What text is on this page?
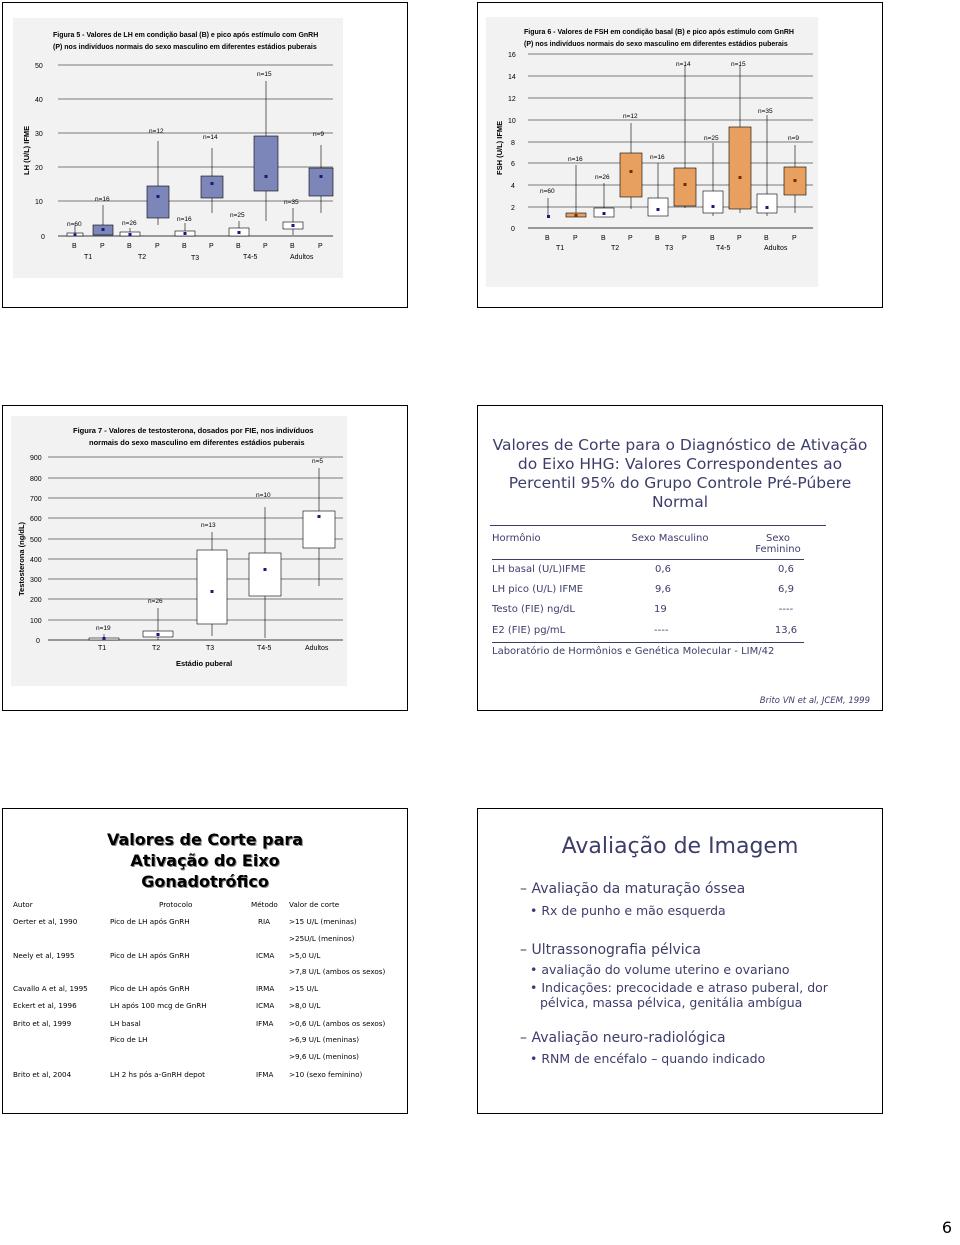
Figura 5 - Valores de LH em condição basal (B) e pico após estímulo com GnRH
(P) nos indivíduos normais do sexo masculino em diferentes estádios puberais
LH (U/L) IFME
0
10
20
30
40
50
n=60
n=16
n=26
n=12
n=16
n=14
n=25
n=15
n=35
n=9
B	P	B	P	B	P	B	P	B	P
T1	T2	T3	T4-5	Adultos
Figura 6 - Valores de FSH em condição basal (B) e pico após estímulo com GnRH
(P) nos indivíduos normais do sexo masculino em diferentes estádios puberais
FSH (U/L) IFME
0
2
4
6
8
10
12
14
16
n=60
n=16
n=26
n=12
n=16
n=14
n=25
n=35
n=9
n=15
B	P	B	P	B	P	B	P	B	P
T1	T2	T3	T4-5	Adultos
Figura 7 - Valores de testosterona, dosados por FIE, nos indivíduos
normais do sexo masculino em diferentes estádios puberais
Testosterona (ng/dL)
0
100
200
300
400
500
600
700
800
900
n=19
n=26
n=13
n=10
n=5
T1	T2	T3	T4-5	Adultos
Estádio puberal
Valores de Corte para o Diagnóstico de Ativação do Eixo HHG: Valores Correspondentes ao Percentil 95% do Grupo Controle Pré-Púbere Normal
Hormônio	Sexo Masculino	Sexo Feminino
LH basal (U/L)IFME	0,6	0,6
LH pico (U/L) IFME	9,6	6,9
Testo (FIE) ng/dL	19	----
E2 (FIE) pg/mL	----	13,6
Laboratório de Hormônios e Genética Molecular - LIM/42
Brito VN et al, JCEM, 1999
Valores de Corte para Ativação do Eixo Gonadotrófico
Autor	Protocolo	Método Valor de corte
Oerter et al, 1990	Pico de LH após GnRH	RIA	>15 U/L (meninas)
>25U/L (meninos)
Neely et al, 1995	Pico de LH após GnRH	ICMA >5,0 U/L
>7,8 U/L (ambos os sexos)
Cavallo A et al, 1995	Pico de LH após GnRH	IRMA >15 U/L
Eckert et al, 1996	LH após 100 mcg de GnRH	ICMA >8,0 U/L
Brito et al, 1999	LH basal	IFMA >0,6 U/L (ambos os sexos)
Pico de LH	>6,9 U/L (meninas)
>9,6 U/L (meninos)
Brito et al, 2004	LH 2 hs pós a-GnRH depot	IFMA >10 (sexo feminino)
Avaliação de Imagem
– Avaliação da maturação óssea
• Rx de punho e mão esquerda
– Ultrassonografia pélvica
• avaliação do volume uterino e ovariano
• Indicações: precocidade e atraso puberal, dor pélvica, massa pélvica, genitália ambígua
– Avaliação neuro-radiológica
• RNM de encéfalo – quando indicado
6
